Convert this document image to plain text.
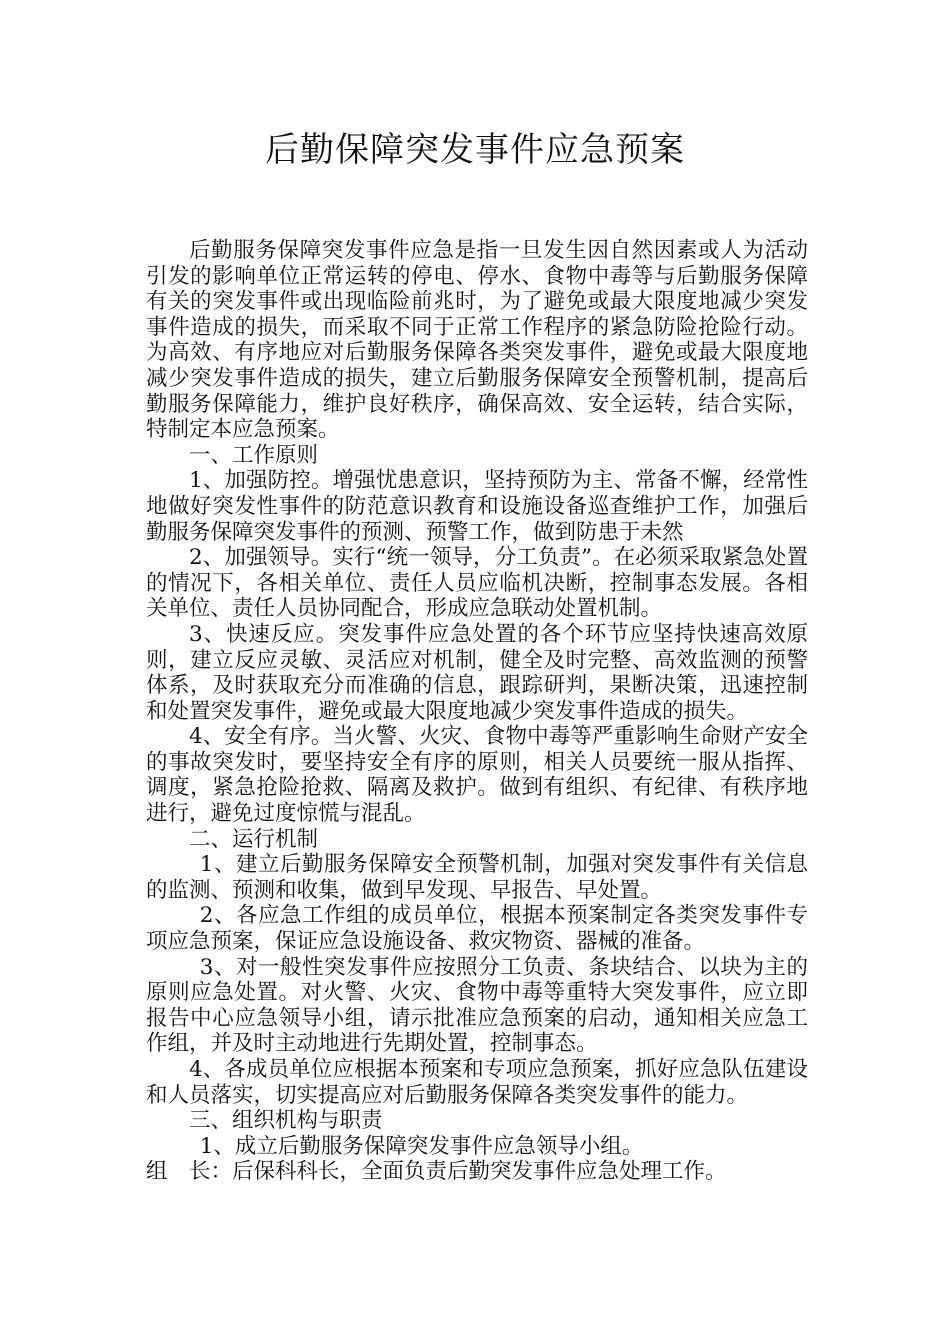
后勤保障突发事件应急预案

后勤服务保障突发事件应急是指一旦发生因自然因素或人为活动引发的影响单位正常运转的停电、停水、食物中毒等与后勤服务保障有关的突发事件或出现临险前兆时，为了避免或最大限度地减少突发事件造成的损失，而采取不同于正常工作程序的紧急防险抢险行动。为高效、有序地应对后勤服务保障各类突发事件，避免或最大限度地减少突发事件造成的损失，建立后勤服务保障安全预警机制，提高后勤服务保障能力，维护良好秩序，确保高效、安全运转，结合实际，特制定本应急预案。

一、工作原则

1、加强防控。增强忧患意识，坚持预防为主、常备不懈，经常性地做好突发性事件的防范意识教育和设施设备巡查维护工作，加强后勤服务保障突发事件的预测、预警工作，做到防患于未然

2、加强领导。实行“统一领导，分工负责”。在必须采取紧急处置的情况下，各相关单位、责任人员应临机决断，控制事态发展。各相关单位、责任人员协同配合，形成应急联动处置机制。

3、快速反应。突发事件应急处置的各个环节应坚持快速高效原则，建立反应灵敏、灵活应对机制，健全及时完整、高效监测的预警体系，及时获取充分而准确的信息，跟踪研判，果断决策，迅速控制和处置突发事件，避免或最大限度地减少突发事件造成的损失。

4、安全有序。当火警、火灾、食物中毒等严重影响生命财产安全的事故突发时，要坚持安全有序的原则，相关人员要统一服从指挥、调度，紧急抢险抢救、隔离及救护。做到有组织、有纪律、有秩序地进行，避免过度惊慌与混乱。

二、运行机制

1、建立后勤服务保障安全预警机制，加强对突发事件有关信息的监测、预测和收集，做到早发现、早报告、早处置。

2、各应急工作组的成员单位，根据本预案制定各类突发事件专项应急预案，保证应急设施设备、救灾物资、器械的准备。

3、对一般性突发事件应按照分工负责、条块结合、以块为主的原则应急处置。对火警、火灾、食物中毒等重特大突发事件，应立即报告中心应急领导小组，请示批准应急预案的启动，通知相关应急工作组，并及时主动地进行先期处置，控制事态。

4、各成员单位应根据本预案和专项应急预案，抓好应急队伍建设和人员落实，切实提高应对后勤服务保障各类突发事件的能力。

三、组织机构与职责

1、成立后勤服务保障突发事件应急领导小组。

组　长：后保科科长，全面负责后勤突发事件应急处理工作。
